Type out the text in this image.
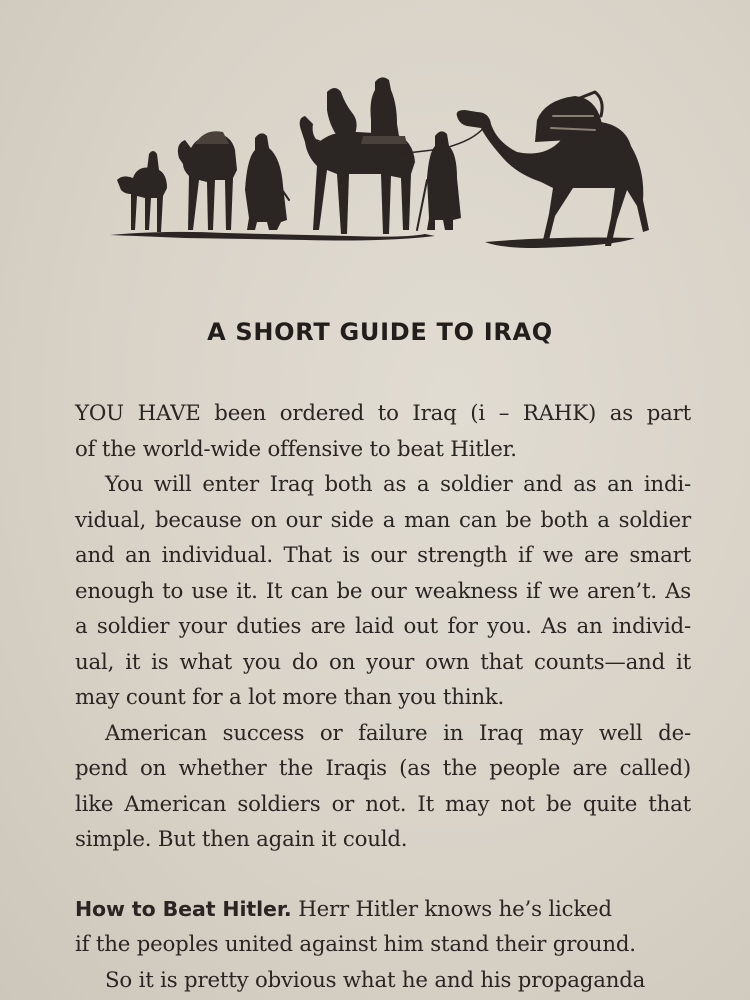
A SHORT GUIDE TO IRAQ
YOU HAVE been ordered to Iraq (i – RAHK) as part
of the world-wide offensive to beat Hitler.
You will enter Iraq both as a soldier and as an indi-
vidual, because on our side a man can be both a soldier
and an individual. That is our strength if we are smart
enough to use it. It can be our weakness if we aren’t. As
a soldier your duties are laid out for you. As an individ-
ual, it is what you do on your own that counts—and it
may count for a lot more than you think.
American success or failure in Iraq may well de-
pend on whether the Iraqis (as the people are called)
like American soldiers or not. It may not be quite that
simple. But then again it could.
How to Beat Hitler. Herr Hitler knows he’s licked
if the peoples united against him stand their ground.
So it is pretty obvious what he and his propaganda
